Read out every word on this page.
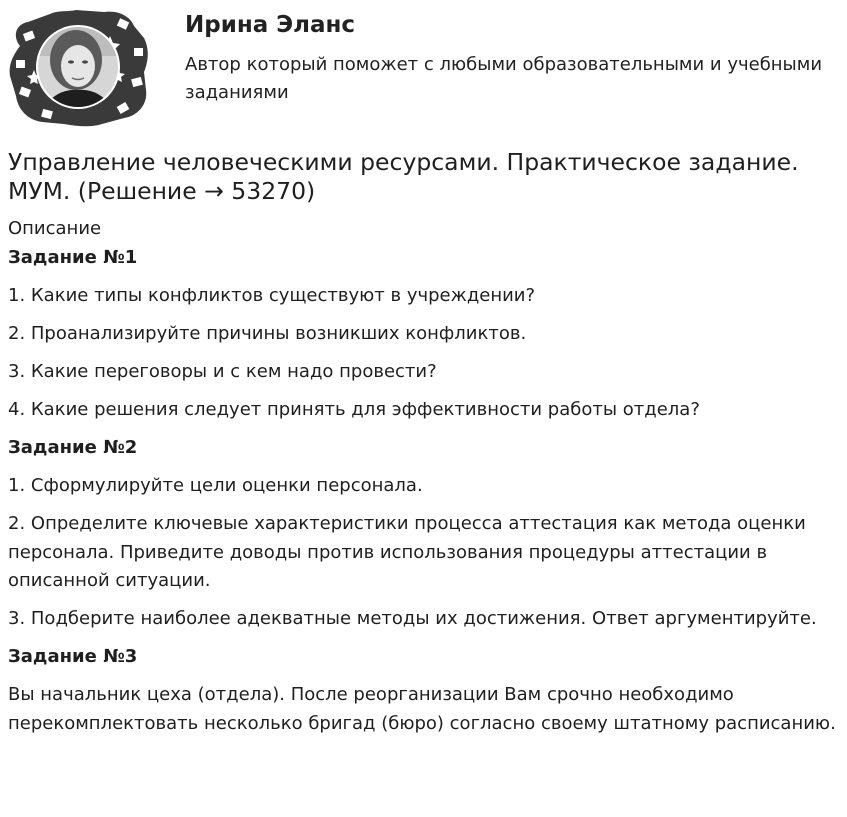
Ирина Эланс
Автор который поможет с любыми образовательными и учебными заданиями
Управление человеческими ресурсами. Практическое задание. МУМ. (Решение → 53270)
Описание
Задание №1

1. Какие типы конфликтов существуют в учреждении?

2. Проанализируйте причины возникших конфликтов.

3. Какие переговоры и с кем надо провести?

4. Какие решения следует принять для эффективности работы отдела?

Задание №2

1. Сформулируйте цели оценки персонала.

2. Определите ключевые характеристики процесса аттестация как метода оценки персонала. Приведите доводы против использования процедуры аттестации в описанной ситуации.

3. Подберите наиболее адекватные методы их достижения. Ответ аргументируйте.

Задание №3

Вы начальник цеха (отдела). После реорганизации Вам срочно необходимо перекомплектовать несколько бригад (бюро) согласно своему штатному расписанию.
